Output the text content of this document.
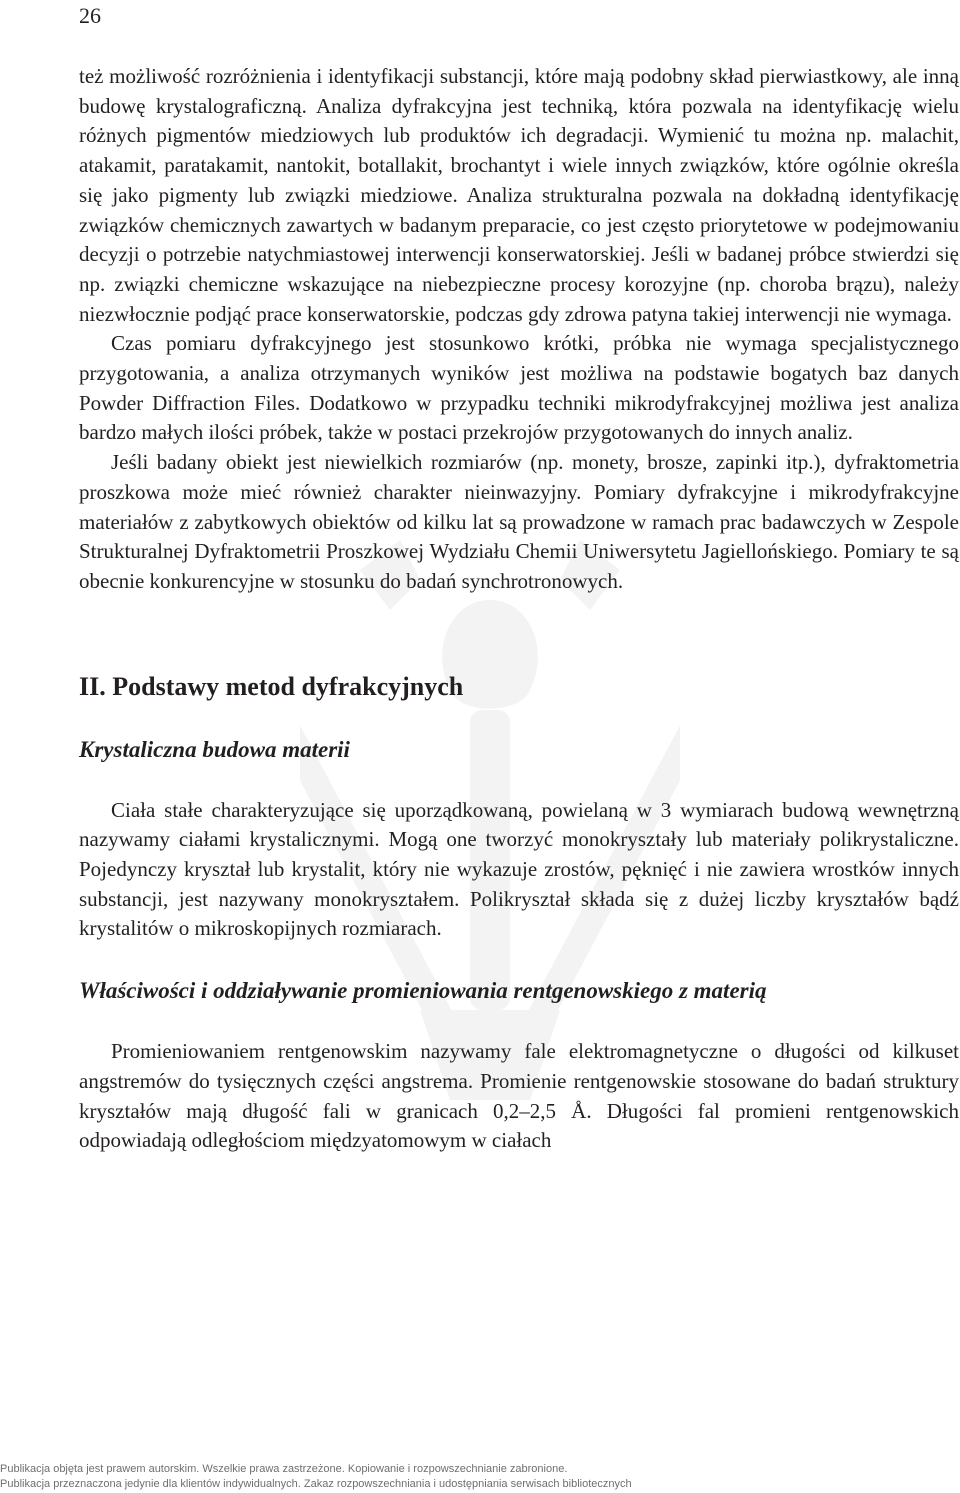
26

też możliwość rozróżnienia i identyfikacji substancji, które mają podobny skład pierwiastkowy, ale inną budowę krystalograficzną. Analiza dyfrakcyjna jest techniką, która pozwala na identyfikację wielu różnych pigmentów miedziowych lub produktów ich degradacji. Wymienić tu można np. malachit, atakamit, paratakamit, nantokit, botallakit, brochantyt i wiele innych związków, które ogólnie określa się jako pigmenty lub związki miedziowe. Analiza strukturalna pozwala na dokładną identyfikację związków chemicznych zawartych w badanym preparacie, co jest często priorytetowe w podejmowaniu decyzji o potrzebie natychmiastowej interwencji konserwatorskiej. Jeśli w badanej próbce stwierdzi się np. związki chemiczne wskazujące na niebezpieczne procesy korozyjne (np. choroba brązu), należy niezwłocznie podjąć prace konserwatorskie, podczas gdy zdrowa patyna takiej interwencji nie wymaga.

Czas pomiaru dyfrakcyjnego jest stosunkowo krótki, próbka nie wymaga specjalistycznego przygotowania, a analiza otrzymanych wyników jest możliwa na podstawie bogatych baz danych Powder Diffraction Files. Dodatkowo w przypadku techniki mikrodyfrakcyjnej możliwa jest analiza bardzo małych ilości próbek, także w postaci przekrojów przygotowanych do innych analiz.

Jeśli badany obiekt jest niewielkich rozmiarów (np. monety, brosze, zapinki itp.), dyfraktometria proszkowa może mieć również charakter nieinwazyjny. Pomiary dyfrakcyjne i mikrodyfrakcyjne materiałów z zabytkowych obiektów od kilku lat są prowadzone w ramach prac badawczych w Zespole Strukturalnej Dyfraktometrii Proszkowej Wydziału Chemii Uniwersytetu Jagiellońskiego. Pomiary te są obecnie konkurencyjne w stosunku do badań synchrotronowych.

II. Podstawy metod dyfrakcyjnych
Krystaliczna budowa materii

Ciała stałe charakteryzujące się uporządkowaną, powielaną w 3 wymiarach budową wewnętrzną nazywamy ciałami krystalicznymi. Mogą one tworzyć monokryształy lub materiały polikrystaliczne. Pojedynczy kryształ lub krystalit, który nie wykazuje zrostów, pęknięć i nie zawiera wrostków innych substancji, jest nazywany monokryształem. Polikryształ składa się z dużej liczby kryształów bądź krystalitów o mikroskopijnych rozmiarach.

Właściwości i oddziaływanie promieniowania rentgenowskiego z materią

Promieniowaniem rentgenowskim nazywamy fale elektromagnetyczne o długości od kilkuset angstremów do tysięcznych części angstrema. Promienie rentgenowskie stosowane do badań struktury kryształów mają długość fali w granicach 0,2–2,5 Å. Długości fal promieni rentgenowskich odpowiadają odległościom międzyatomowym w ciałach

Publikacja objęta jest prawem autorskim. Wszelkie prawa zastrzeżone. Kopiowanie i rozpowszechnianie zabronione.
Publikacja przeznaczona jedynie dla klientów indywidualnych. Zakaz rozpowszechniania i udostępniania serwisach bibliotecznych
